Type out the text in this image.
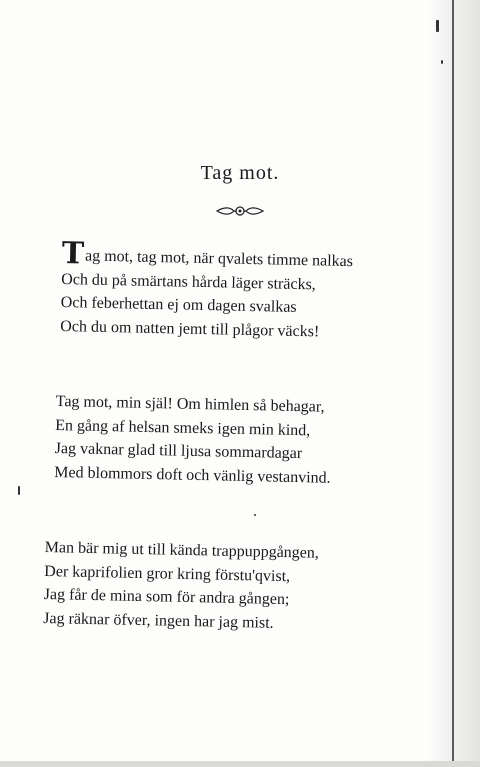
Tag mot.
Tag mot, tag mot, när qvalets timme nalkas
Och du på smärtans hårda läger sträcks,
Och feberhettan ej om dagen svalkas
Och du om natten jemt till plågor väcks!
Tag mot, min själ! Om himlen så behagar,
En gång af helsan smeks igen min kind,
Jag vaknar glad till ljusa sommardagar
Med blommors doft och vänlig vestanvind.
Man bär mig ut till kända trappuppgången,
Der kaprifolien gror kring förstu'qvist,
Jag får de mina som för andra gången;
Jag räknar öfver, ingen har jag mist.
